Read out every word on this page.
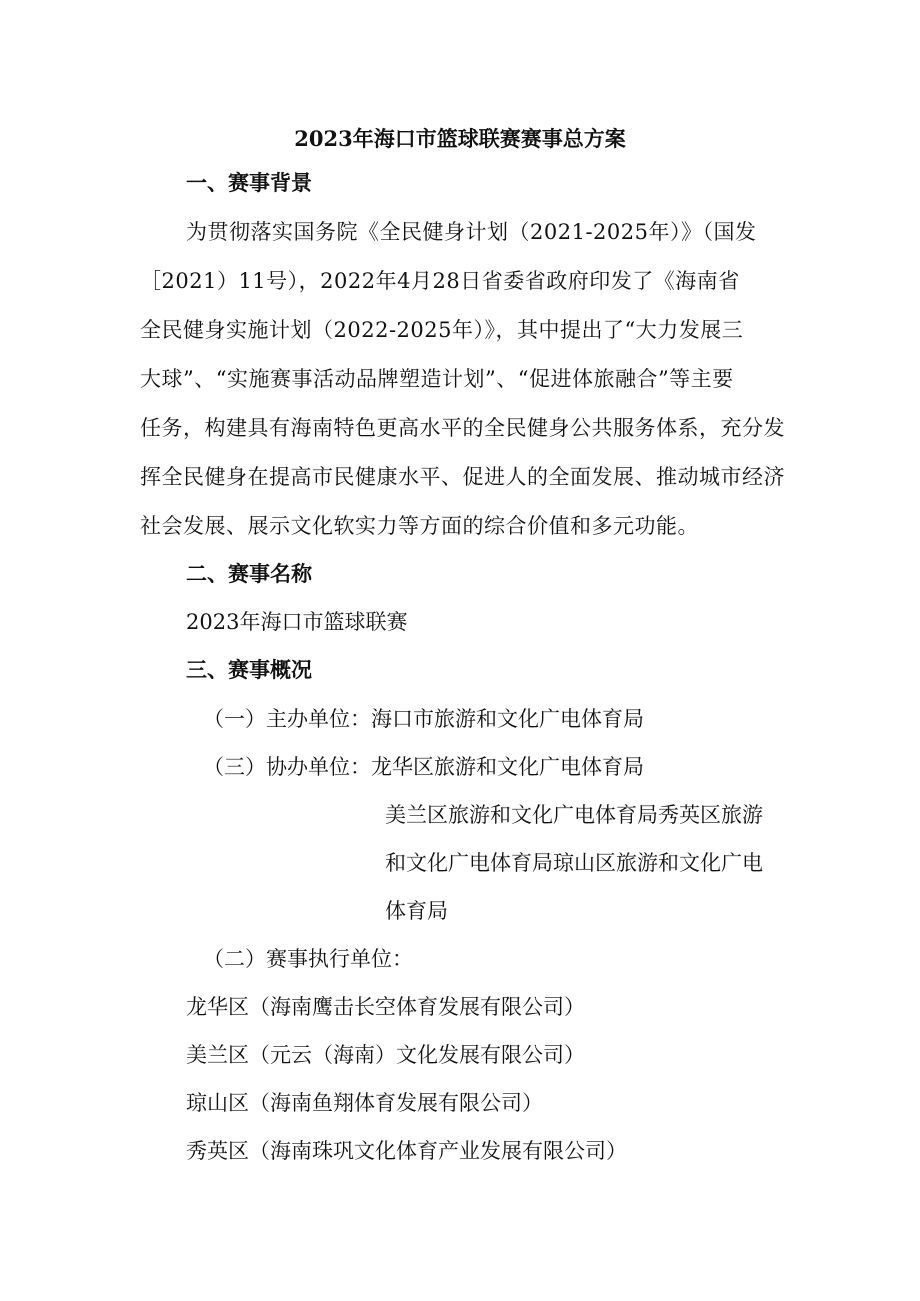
2023年海口市篮球联赛赛事总方案
一、赛事背景
为贯彻落实国务院《全民健身计划（2021-2025年）》（国发
［2021）11号），2022年4月28日省委省政府印发了《海南省
全民健身实施计划（2022-2025年）》，其中提出了“大力发展三
大球”、“实施赛事活动品牌塑造计划”、“促进体旅融合”等主要
任务，构建具有海南特色更高水平的全民健身公共服务体系，充分发
挥全民健身在提高市民健康水平、促进人的全面发展、推动城市经济
社会发展、展示文化软实力等方面的综合价值和多元功能。
二、赛事名称
2023年海口市篮球联赛
三、赛事概况
（一）主办单位：海口市旅游和文化广电体育局
（三）协办单位：龙华区旅游和文化广电体育局
美兰区旅游和文化广电体育局秀英区旅游
和文化广电体育局琼山区旅游和文化广电
体育局
（二）赛事执行单位：
龙华区（海南鹰击长空体育发展有限公司）
美兰区（元云（海南）文化发展有限公司）
琼山区（海南鱼翔体育发展有限公司）
秀英区（海南珠巩文化体育产业发展有限公司）
